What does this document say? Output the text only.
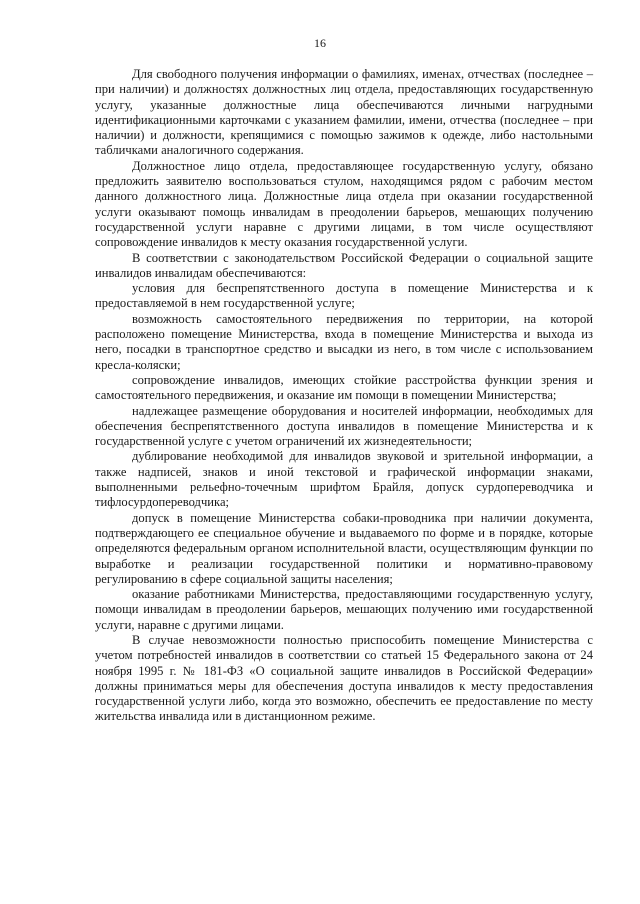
16

Для свободного получения информации о фамилиях, именах, отчествах (последнее – при наличии) и должностях должностных лиц отдела, предоставляющих государственную услугу, указанные должностные лица обеспечиваются личными нагрудными идентификационными карточками с указанием фамилии, имени, отчества (последнее – при наличии) и должности, крепящимися с помощью зажимов к одежде, либо настольными табличками аналогичного содержания.

Должностное лицо отдела, предоставляющее государственную услугу, обязано предложить заявителю воспользоваться стулом, находящимся рядом с рабочим местом данного должностного лица. Должностные лица отдела при оказании государственной услуги оказывают помощь инвалидам в преодолении барьеров, мешающих получению государственной услуги наравне с другими лицами, в том числе осуществляют сопровождение инвалидов к месту оказания государственной услуги.

В соответствии с законодательством Российской Федерации о социальной защите инвалидов инвалидам обеспечиваются:

условия для беспрепятственного доступа в помещение Министерства и к предоставляемой в нем государственной услуге;

возможность самостоятельного передвижения по территории, на которой расположено помещение Министерства, входа в помещение Министерства и выхода из него, посадки в транспортное средство и высадки из него, в том числе с использованием кресла-коляски;

сопровождение инвалидов, имеющих стойкие расстройства функции зрения и самостоятельного передвижения, и оказание им помощи в помещении Министерства;

надлежащее размещение оборудования и носителей информации, необходимых для обеспечения беспрепятственного доступа инвалидов в помещение Министерства и к государственной услуге с учетом ограничений их жизнедеятельности;

дублирование необходимой для инвалидов звуковой и зрительной информации, а также надписей, знаков и иной текстовой и графической информации знаками, выполненными рельефно-точечным шрифтом Брайля, допуск сурдопереводчика и тифлосурдопереводчика;

допуск в помещение Министерства собаки-проводника при наличии документа, подтверждающего ее специальное обучение и выдаваемого по форме и в порядке, которые определяются федеральным органом исполнительной власти, осуществляющим функции по выработке и реализации государственной политики и нормативно-правовому регулированию в сфере социальной защиты населения;

оказание работниками Министерства, предоставляющими государственную услугу, помощи инвалидам в преодолении барьеров, мешающих получению ими государственной услуги, наравне с другими лицами.

В случае невозможности полностью приспособить помещение Министерства с учетом потребностей инвалидов в соответствии со статьей 15 Федерального закона от 24 ноября 1995 г. № 181-ФЗ «О социальной защите инвалидов в Российской Федерации» должны приниматься меры для обеспечения доступа инвалидов к месту предоставления государственной услуги либо, когда это возможно, обеспечить ее предоставление по месту жительства инвалида или в дистанционном режиме.
